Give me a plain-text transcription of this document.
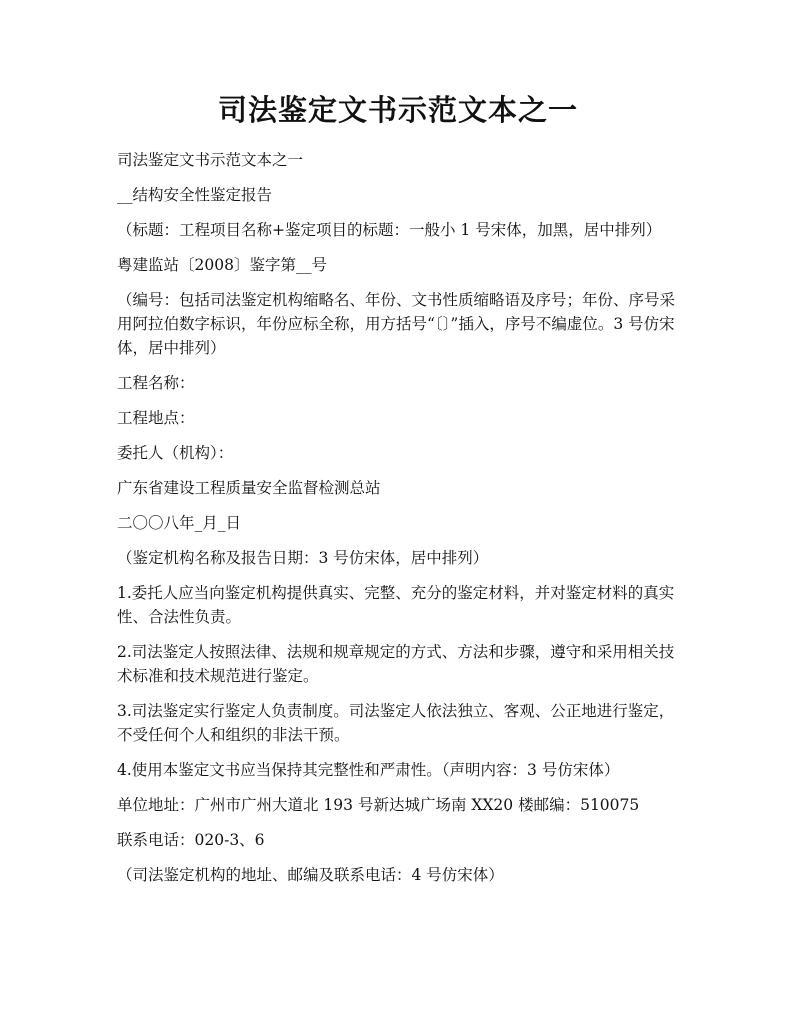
司法鉴定文书示范文本之一

司法鉴定文书示范文本之一

__结构安全性鉴定报告

（标题：工程项目名称+鉴定项目的标题：一般小 1 号宋体，加黑，居中排列）

粤建监站〔2008〕鉴字第__号

（编号：包括司法鉴定机构缩略名、年份、文书性质缩略语及序号；年份、序号采用阿拉伯数字标识，年份应标全称，用方括号“〔〕”插入，序号不编虚位。3 号仿宋体，居中排列）

工程名称：

工程地点：

委托人（机构）：

广东省建设工程质量安全监督检测总站

二〇〇八年_月_日

（鉴定机构名称及报告日期：3 号仿宋体，居中排列）

1.委托人应当向鉴定机构提供真实、完整、充分的鉴定材料，并对鉴定材料的真实性、合法性负责。

2.司法鉴定人按照法律、法规和规章规定的方式、方法和步骤，遵守和采用相关技术标准和技术规范进行鉴定。

3.司法鉴定实行鉴定人负责制度。司法鉴定人依法独立、客观、公正地进行鉴定，不受任何个人和组织的非法干预。

4.使用本鉴定文书应当保持其完整性和严肃性。（声明内容：3 号仿宋体）

单位地址：广州市广州大道北 193 号新达城广场南 XX20 楼邮编：510075

联系电话：020-3、6

（司法鉴定机构的地址、邮编及联系电话：4 号仿宋体）
